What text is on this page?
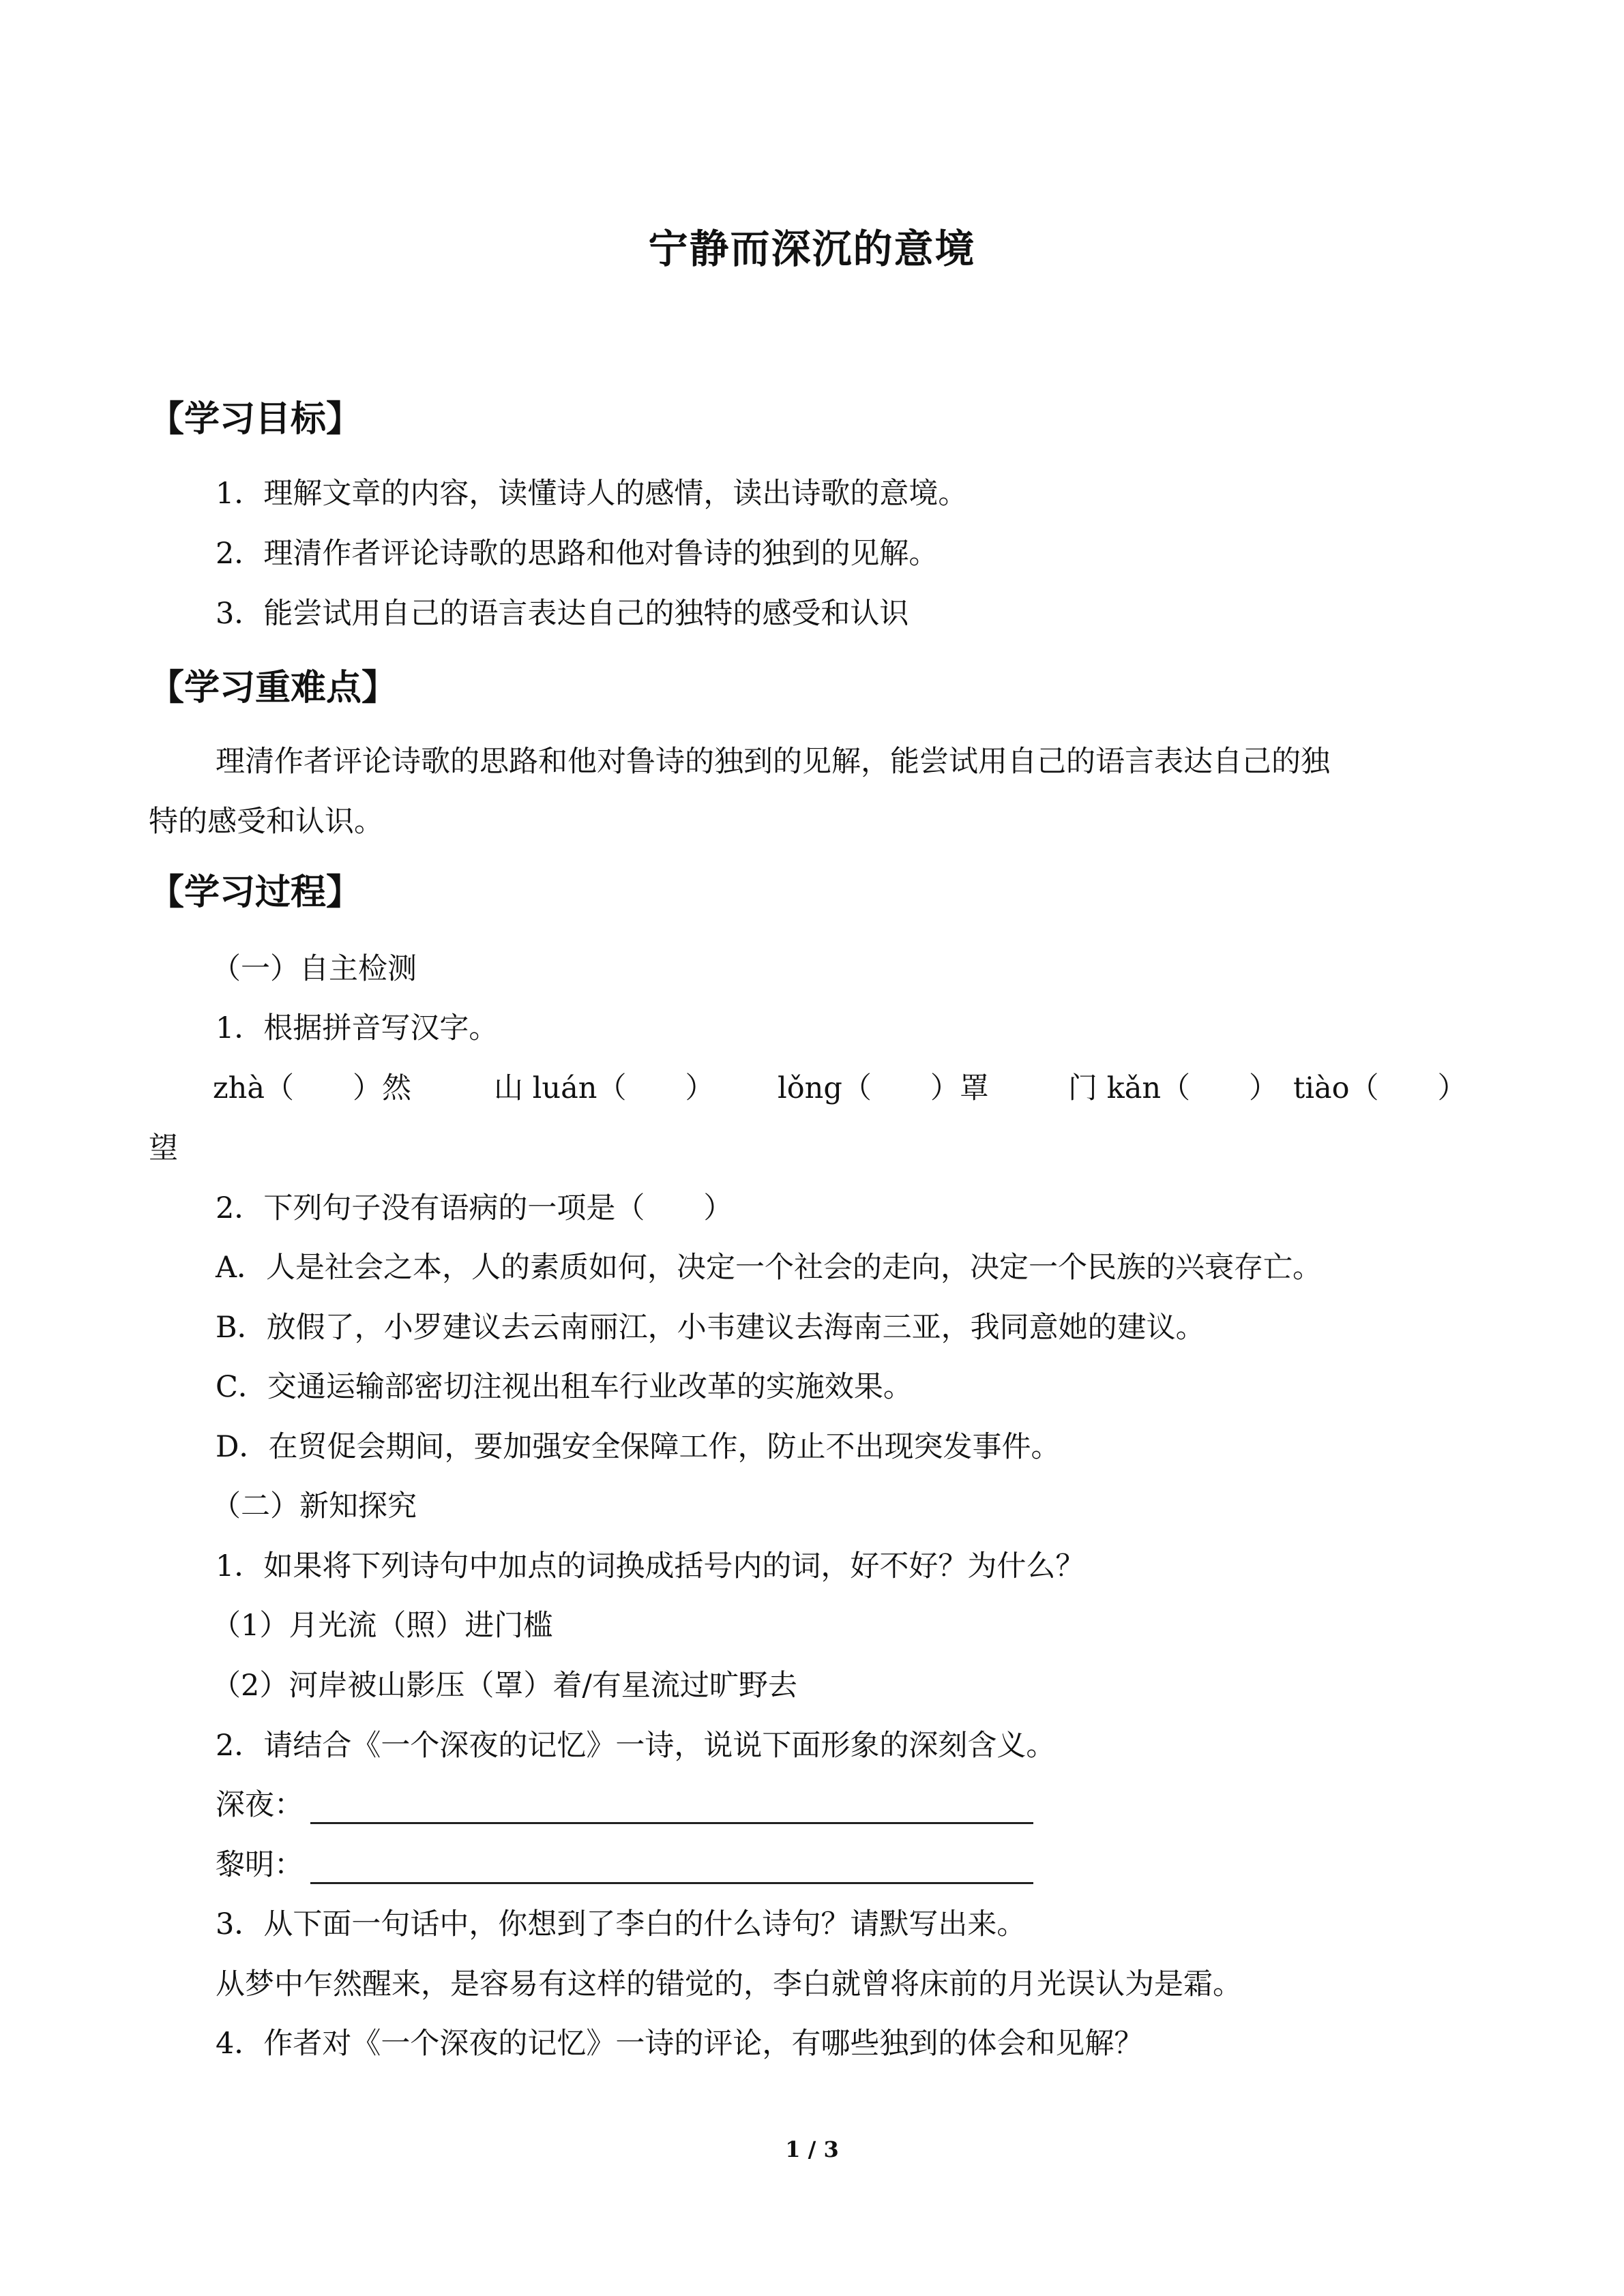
宁静而深沉的意境
【学习目标】
1．理解文章的内容，读懂诗人的感情，读出诗歌的意境。
2．理清作者评论诗歌的思路和他对鲁诗的独到的见解。
3．能尝试用自己的语言表达自己的独特的感受和认识
【学习重难点】
理清作者评论诗歌的思路和他对鲁诗的独到的见解，能尝试用自己的语言表达自己的独
特的感受和认识。
【学习过程】
（一）自主检测
1．根据拼音写汉字。
zhà（　　）然	山 luán（　　） lǒng（　　）罩	门 kǎn（　　） tiào（　　）
望
2．下列句子没有语病的一项是（　　）
A．人是社会之本，人的素质如何，决定一个社会的走向，决定一个民族的兴衰存亡。
B．放假了，小罗建议去云南丽江，小韦建议去海南三亚，我同意她的建议。
C．交通运输部密切注视出租车行业改革的实施效果。
D．在贸促会期间，要加强安全保障工作，防止不出现突发事件。
（二）新知探究
1．如果将下列诗句中加点的词换成括号内的词，好不好？为什么？
（1）月光流（照）进门槛
（2）河岸被山影压（罩）着/有星流过旷野去
2．请结合《一个深夜的记忆》一诗，说说下面形象的深刻含义。
深夜：
黎明：
3．从下面一句话中，你想到了李白的什么诗句？请默写出来。
从梦中乍然醒来，是容易有这样的错觉的，李白就曾将床前的月光误认为是霜。
4．作者对《一个深夜的记忆》一诗的评论，有哪些独到的体会和见解？
1 / 3
